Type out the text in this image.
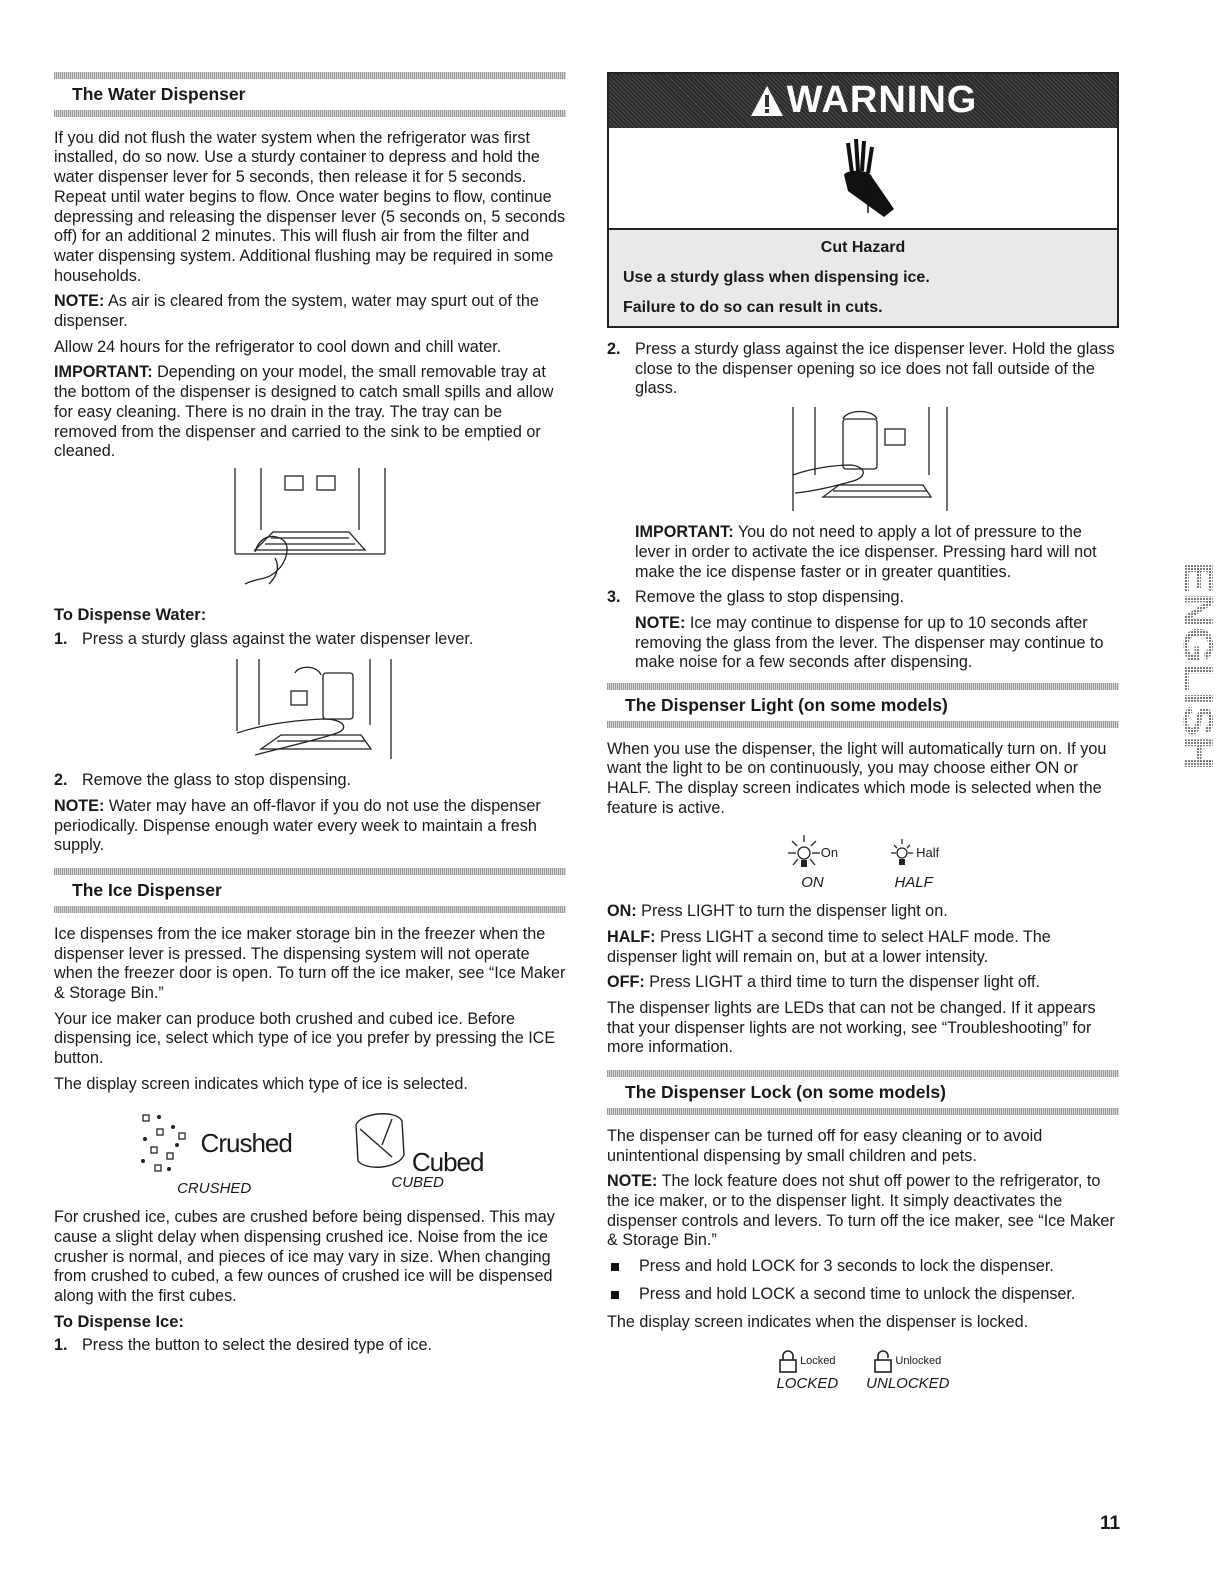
The Water Dispenser

If you did not flush the water system when the refrigerator was first installed, do so now. Use a sturdy container to depress and hold the water dispenser lever for 5 seconds, then release it for 5 seconds. Repeat until water begins to flow. Once water begins to flow, continue depressing and releasing the dispenser lever (5 seconds on, 5 seconds off) for an additional 2 minutes. This will flush air from the filter and water dispensing system. Additional flushing may be required in some households.

NOTE: As air is cleared from the system, water may spurt out of the dispenser.

Allow 24 hours for the refrigerator to cool down and chill water.

IMPORTANT: Depending on your model, the small removable tray at the bottom of the dispenser is designed to catch small spills and allow for easy cleaning. There is no drain in the tray. The tray can be removed from the dispenser and carried to the sink to be emptied or cleaned.

To Dispense Water:
1. Press a sturdy glass against the water dispenser lever.
2. Remove the glass to stop dispensing.

NOTE: Water may have an off-flavor if you do not use the dispenser periodically. Dispense enough water every week to maintain a fresh supply.

The Ice Dispenser

Ice dispenses from the ice maker storage bin in the freezer when the dispenser lever is pressed. The dispensing system will not operate when the freezer door is open. To turn off the ice maker, see “Ice Maker & Storage Bin.”

Your ice maker can produce both crushed and cubed ice. Before dispensing ice, select which type of ice you prefer by pressing the ICE button.

The display screen indicates which type of ice is selected.

Crushed
CRUSHED
Cubed
CUBED

For crushed ice, cubes are crushed before being dispensed. This may cause a slight delay when dispensing crushed ice. Noise from the ice crusher is normal, and pieces of ice may vary in size. When changing from crushed to cubed, a few ounces of crushed ice will be dispensed along with the first cubes.

To Dispense Ice:
1. Press the button to select the desired type of ice.
WARNING
Cut Hazard
Use a sturdy glass when dispensing ice.
Failure to do so can result in cuts.
2. Press a sturdy glass against the ice dispenser lever. Hold the glass close to the dispenser opening so ice does not fall outside of the glass.

IMPORTANT: You do not need to apply a lot of pressure to the lever in order to activate the ice dispenser. Pressing hard will not make the ice dispense faster or in greater quantities.

3. Remove the glass to stop dispensing.

NOTE: Ice may continue to dispense for up to 10 seconds after removing the glass from the lever. The dispenser may continue to make noise for a few seconds after dispensing.

The Dispenser Light (on some models)

When you use the dispenser, the light will automatically turn on. If you want the light to be on continuously, you may choose either ON or HALF. The display screen indicates which mode is selected when the feature is active.

On
ON
Half
HALF

ON: Press LIGHT to turn the dispenser light on.

HALF: Press LIGHT a second time to select HALF mode. The dispenser light will remain on, but at a lower intensity.

OFF: Press LIGHT a third time to turn the dispenser light off.

The dispenser lights are LEDs that can not be changed. If it appears that your dispenser lights are not working, see “Troubleshooting” for more information.

The Dispenser Lock (on some models)

The dispenser can be turned off for easy cleaning or to avoid unintentional dispensing by small children and pets.

NOTE: The lock feature does not shut off power to the refrigerator, to the ice maker, or to the dispenser light. It simply deactivates the dispenser controls and levers. To turn off the ice maker, see “Ice Maker & Storage Bin.”

Press and hold LOCK for 3 seconds to lock the dispenser.
Press and hold LOCK a second time to unlock the dispenser.

The display screen indicates when the dispenser is locked.

Locked
LOCKED
Unlocked
UNLOCKED
ENGLISH
11
